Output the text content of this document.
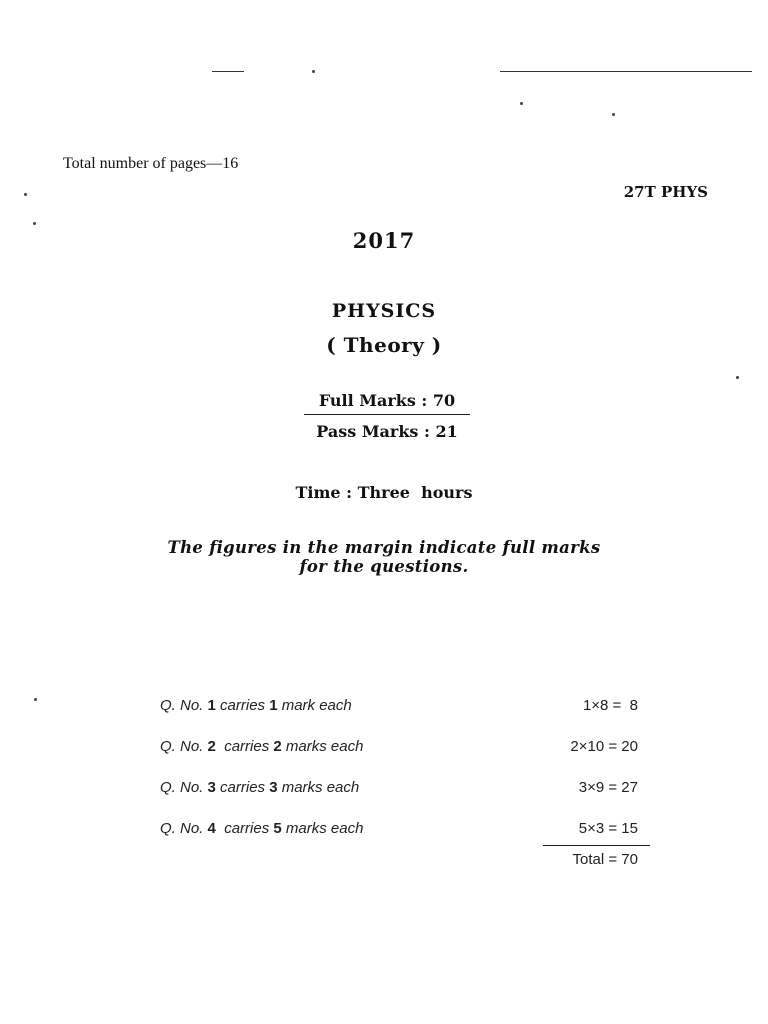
Total number of pages—16
27T PHYS
2017
PHYSICS
( Theory )
Full Marks : 70
Pass Marks : 21
Time : Three  hours
The figures in the margin indicate full marks
for the questions.
Q. No. 1 carries 1 mark each	1×8 =  8
Q. No. 2  carries 2 marks each	2×10 = 20
Q. No. 3 carries 3 marks each	3×9 = 27
Q. No. 4  carries 5 marks each	5×3 = 15
Total = 70
